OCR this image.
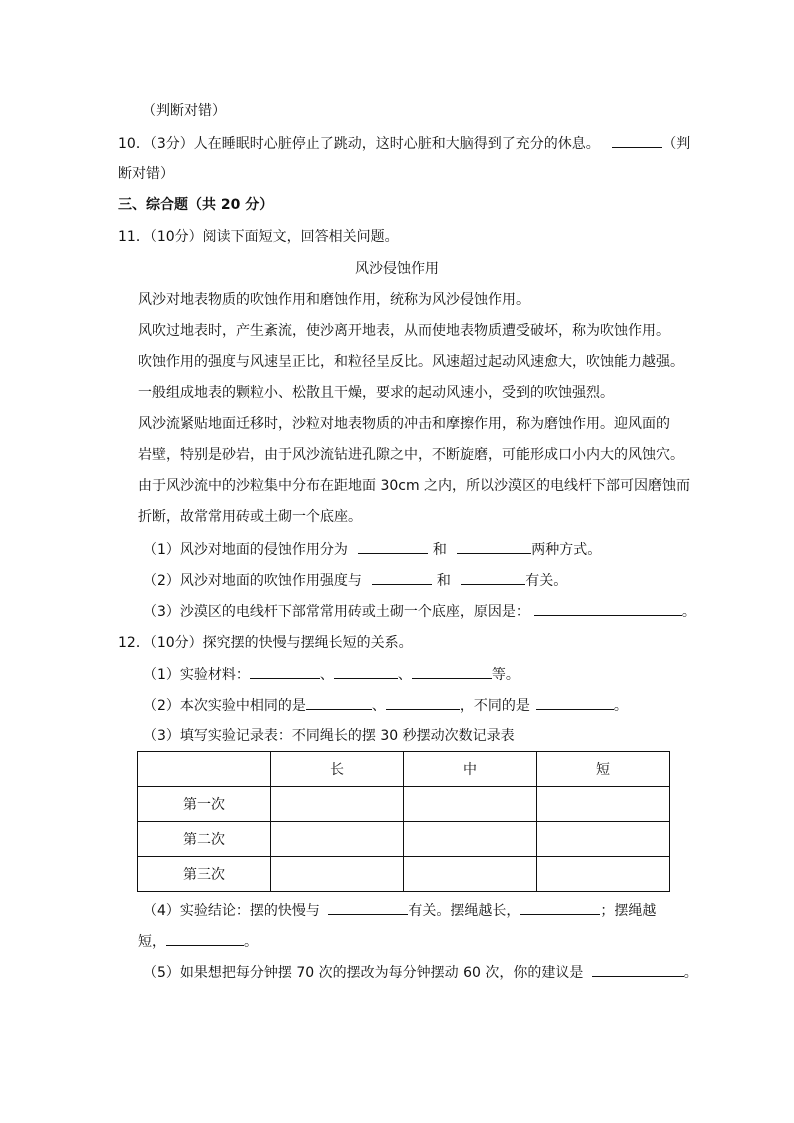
（判断对错）
10．（3分）人在睡眠时心脏停止了跳动，这时心脏和大脑得到了充分的休息。	（判
断对错）
三、综合题（共 20 分）
11．（10分）阅读下面短文，回答相关问题。
风沙侵蚀作用
风沙对地表物质的吹蚀作用和磨蚀作用，统称为风沙侵蚀作用。
风吹过地表时，产生紊流，使沙离开地表，从而使地表物质遭受破坏，称为吹蚀作用。
吹蚀作用的强度与风速呈正比，和粒径呈反比。风速超过起动风速愈大，吹蚀能力越强。
一般组成地表的颗粒小、松散且干燥，要求的起动风速小，受到的吹蚀强烈。
风沙流紧贴地面迁移时，沙粒对地表物质的冲击和摩擦作用，称为磨蚀作用。迎风面的
岩壁，特别是砂岩，由于风沙流钻进孔隙之中，不断旋磨，可能形成口小内大的风蚀穴。
由于风沙流中的沙粒集中分布在距地面 30cm 之内，所以沙漠区的电线杆下部可因磨蚀而
折断，故常常用砖或土砌一个底座。
（1）风沙对地面的侵蚀作用分为	和	两种方式。
（2）风沙对地面的吹蚀作用强度与	和	有关。
（3）沙漠区的电线杆下部常常用砖或土砌一个底座，原因是：	。
12．（10分）探究摆的快慢与摆绳长短的关系。
（1）实验材料：	、	、	等。
（2）本次实验中相同的是	、	，不同的是	。
（3）填写实验记录表：不同绳长的摆 30 秒摆动次数记录表
	长	中	短
第一次			
第二次			
第三次			
（4）实验结论：摆的快慢与	有关。摆绳越长，	；摆绳越
短，	。
（5）如果想把每分钟摆 70 次的摆改为每分钟摆动 60 次，你的建议是	。
